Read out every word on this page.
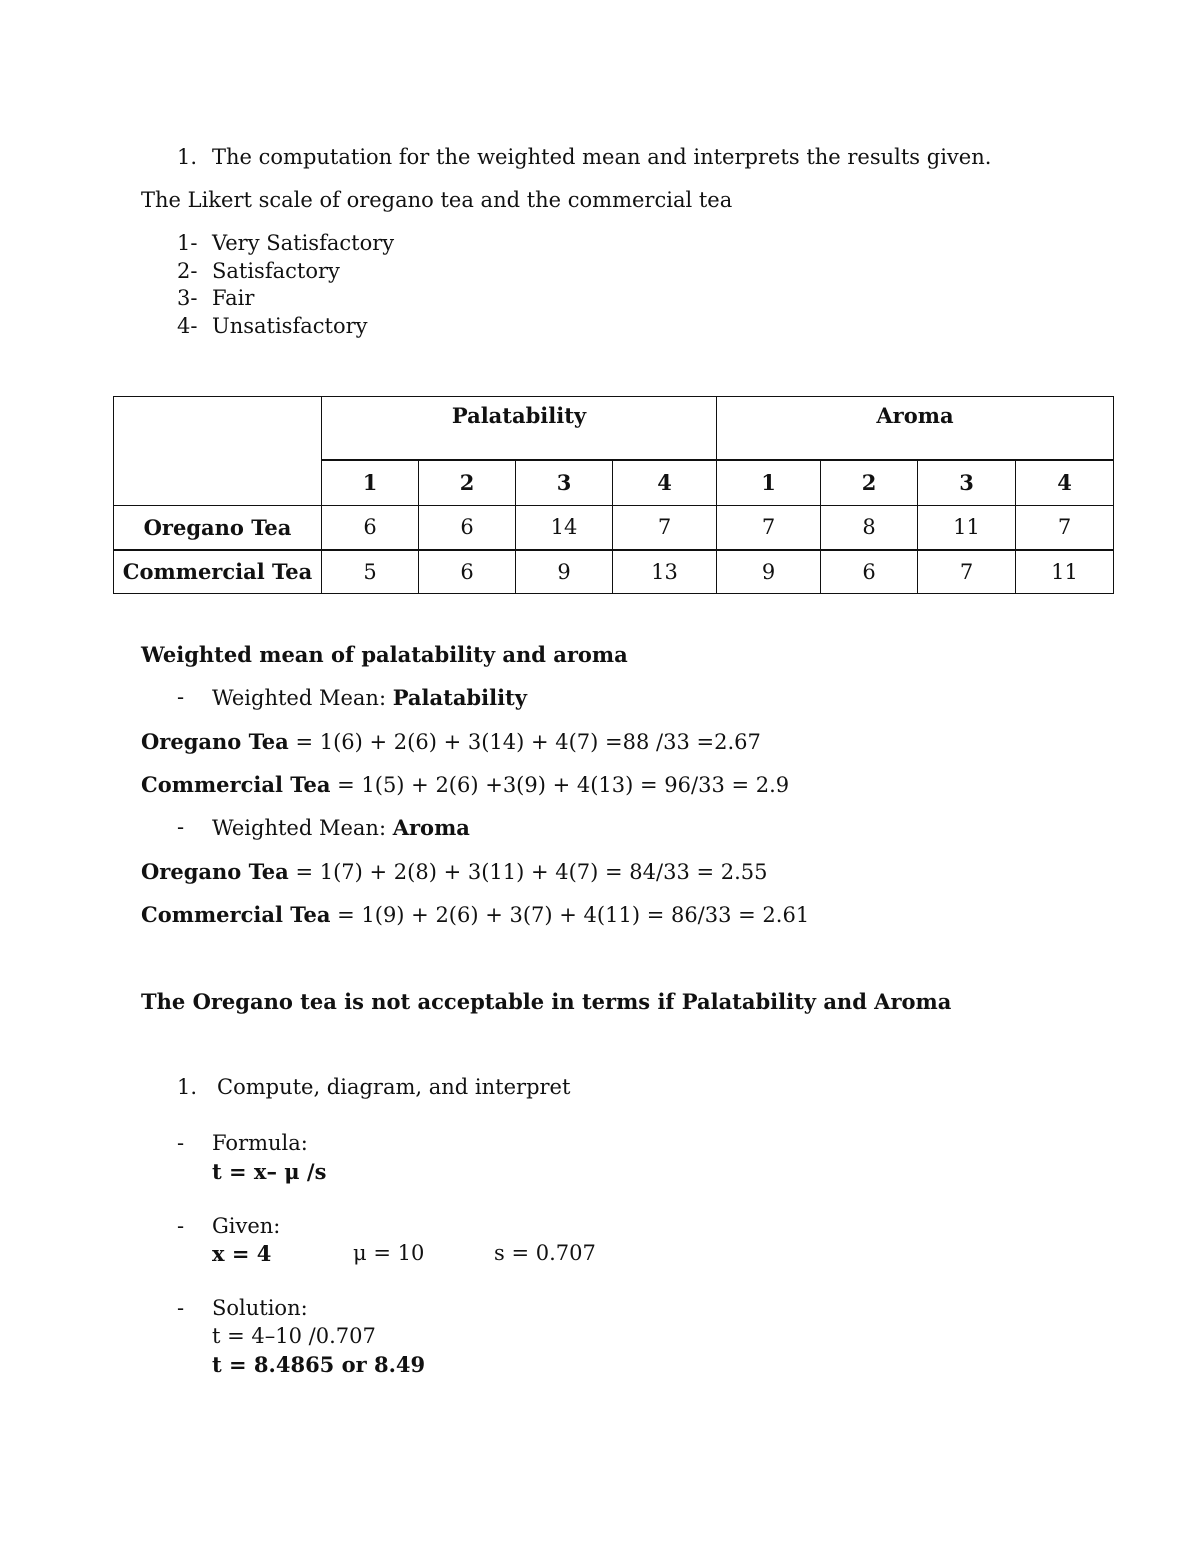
1. The computation for the weighted mean and interprets the results given.
The Likert scale of oregano tea and the commercial tea
1- Very Satisfactory
2- Satisfactory
3- Fair
4- Unsatisfactory
	Palatability				Aroma			
	1	2	3	4	1	2	3	4
Oregano Tea	6	6	14	7	7	8	11	7
Commercial Tea	5	6	9	13	9	6	7	11
Weighted mean of palatability and aroma
- Weighted Mean: Palatability
Oregano Tea = 1(6) + 2(6) + 3(14) + 4(7) =88 /33 =2.67
Commercial Tea = 1(5) + 2(6) +3(9) + 4(13) = 96/33 = 2.9
- Weighted Mean: Aroma
Oregano Tea = 1(7) + 2(8) + 3(11) + 4(7) = 84/33 = 2.55
Commercial Tea = 1(9) + 2(6) + 3(7) + 4(11) = 86/33 = 2.61
The Oregano tea is not acceptable in terms if Palatability and Aroma
1. Compute, diagram, and interpret
- Formula:
t = x– μ /s
- Given:
x = 4	μ = 10	s = 0.707
- Solution:
t = 4–10 /0.707
t = 8.4865 or 8.49
